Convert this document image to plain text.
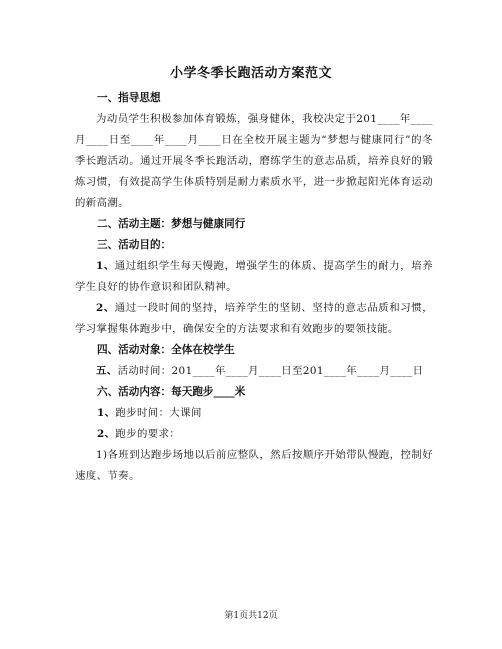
小学冬季长跑活动方案范文

一、指导思想

为动员学生积极参加体育锻炼，强身健体，我校决定于201____年____月____日至____年____月____日在全校开展主题为“梦想与健康同行”的冬季长跑活动。通过开展冬季长跑活动，磨练学生的意志品质，培养良好的锻炼习惯，有效提高学生体质特别是耐力素质水平，进一步掀起阳光体育运动的新高潮。

二、活动主题：梦想与健康同行

三、活动目的：

1、通过组织学生每天慢跑，增强学生的体质、提高学生的耐力，培养学生良好的协作意识和团队精神。

2、通过一段时间的坚持，培养学生的坚韧、坚持的意志品质和习惯，学习掌握集体跑步中，确保安全的方法要求和有效跑步的要领技能。

四、活动对象：全体在校学生

五、活动时间：201____年____月____日至201____年____月____日

六、活动内容：每天跑步____米

1、跑步时间：大课间

2、跑步的要求：

1)各班到达跑步场地以后前应整队，然后按顺序开始带队慢跑，控制好速度、节奏。

第1页共12页
